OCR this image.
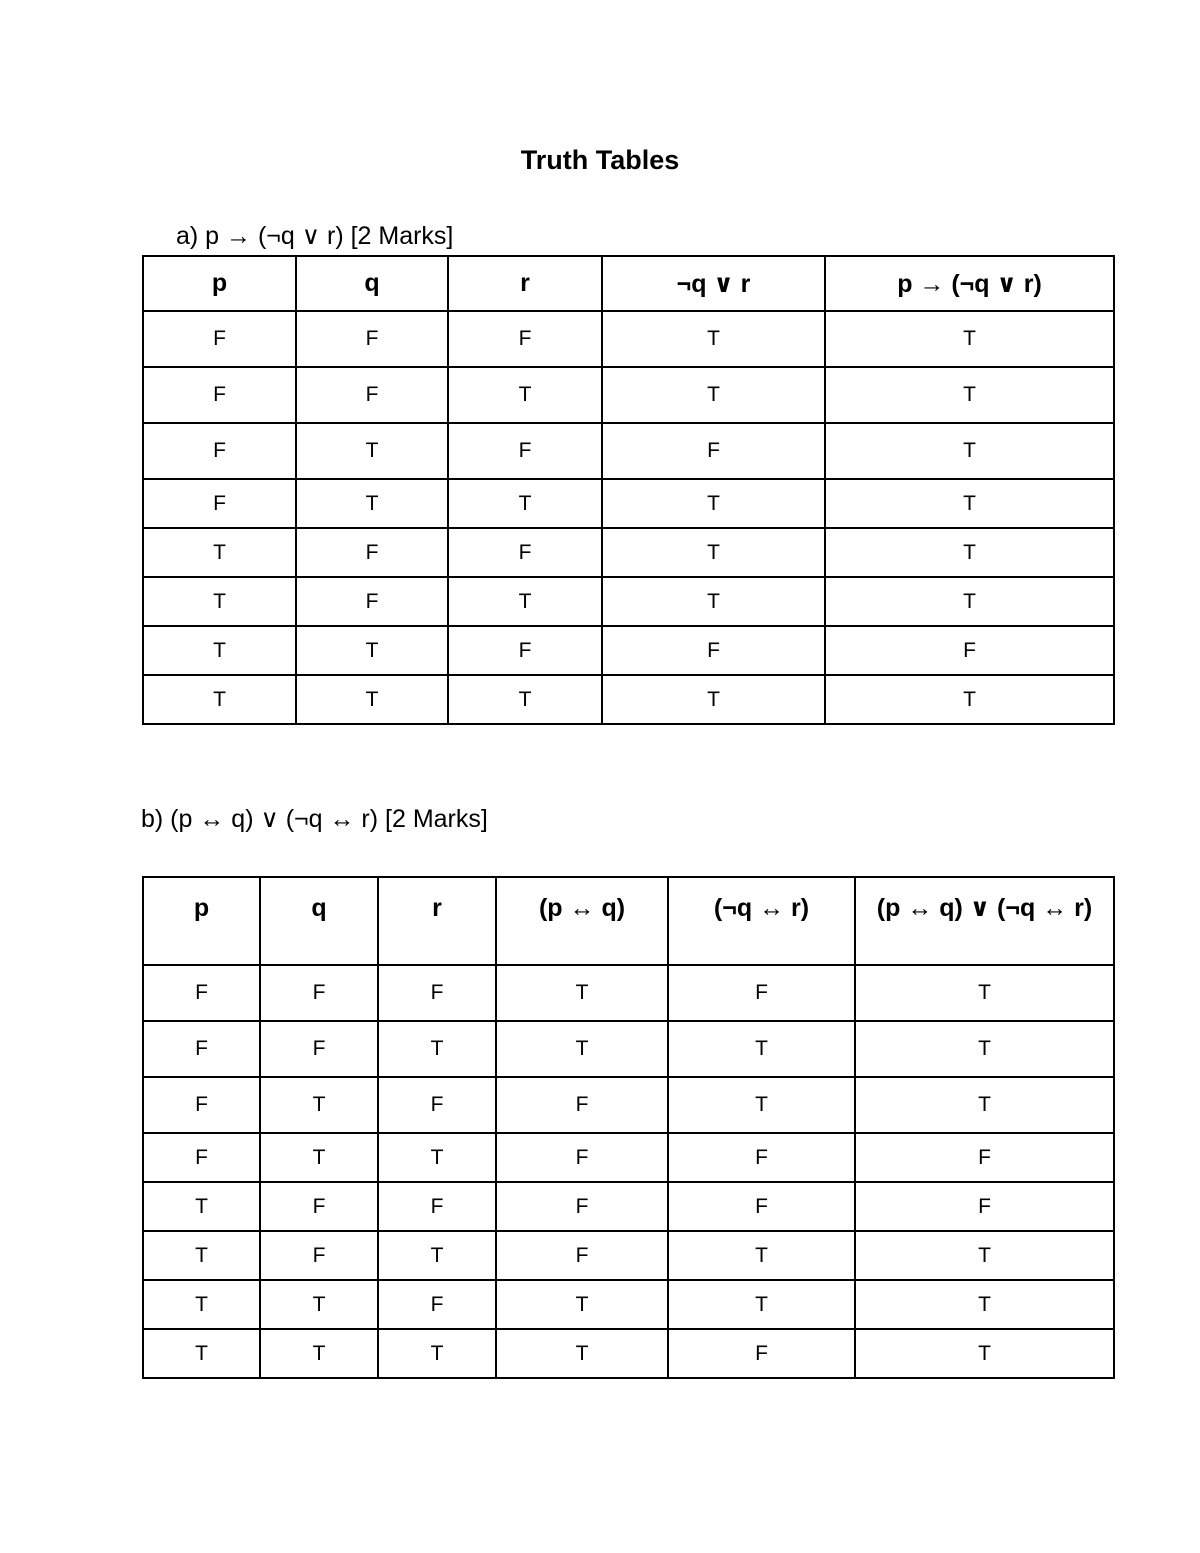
Truth Tables
a) p → (¬q ∨ r) [2 Marks]
p	q	r	¬q ∨ r	p → (¬q ∨ r)
F	F	F	T	T
F	F	T	T	T
F	T	F	F	T
F	T	T	T	T
T	F	F	T	T
T	F	T	T	T
T	T	F	F	F
T	T	T	T	T
b) (p ↔ q) ∨ (¬q ↔ r) [2 Marks]
p	q	r	(p ↔ q)	(¬q ↔ r)	(p ↔ q) ∨ (¬q ↔ r)
F	F	F	T	F	T
F	F	T	T	T	T
F	T	F	F	T	T
F	T	T	F	F	F
T	F	F	F	F	F
T	F	T	F	T	T
T	T	F	T	T	T
T	T	T	T	F	T
